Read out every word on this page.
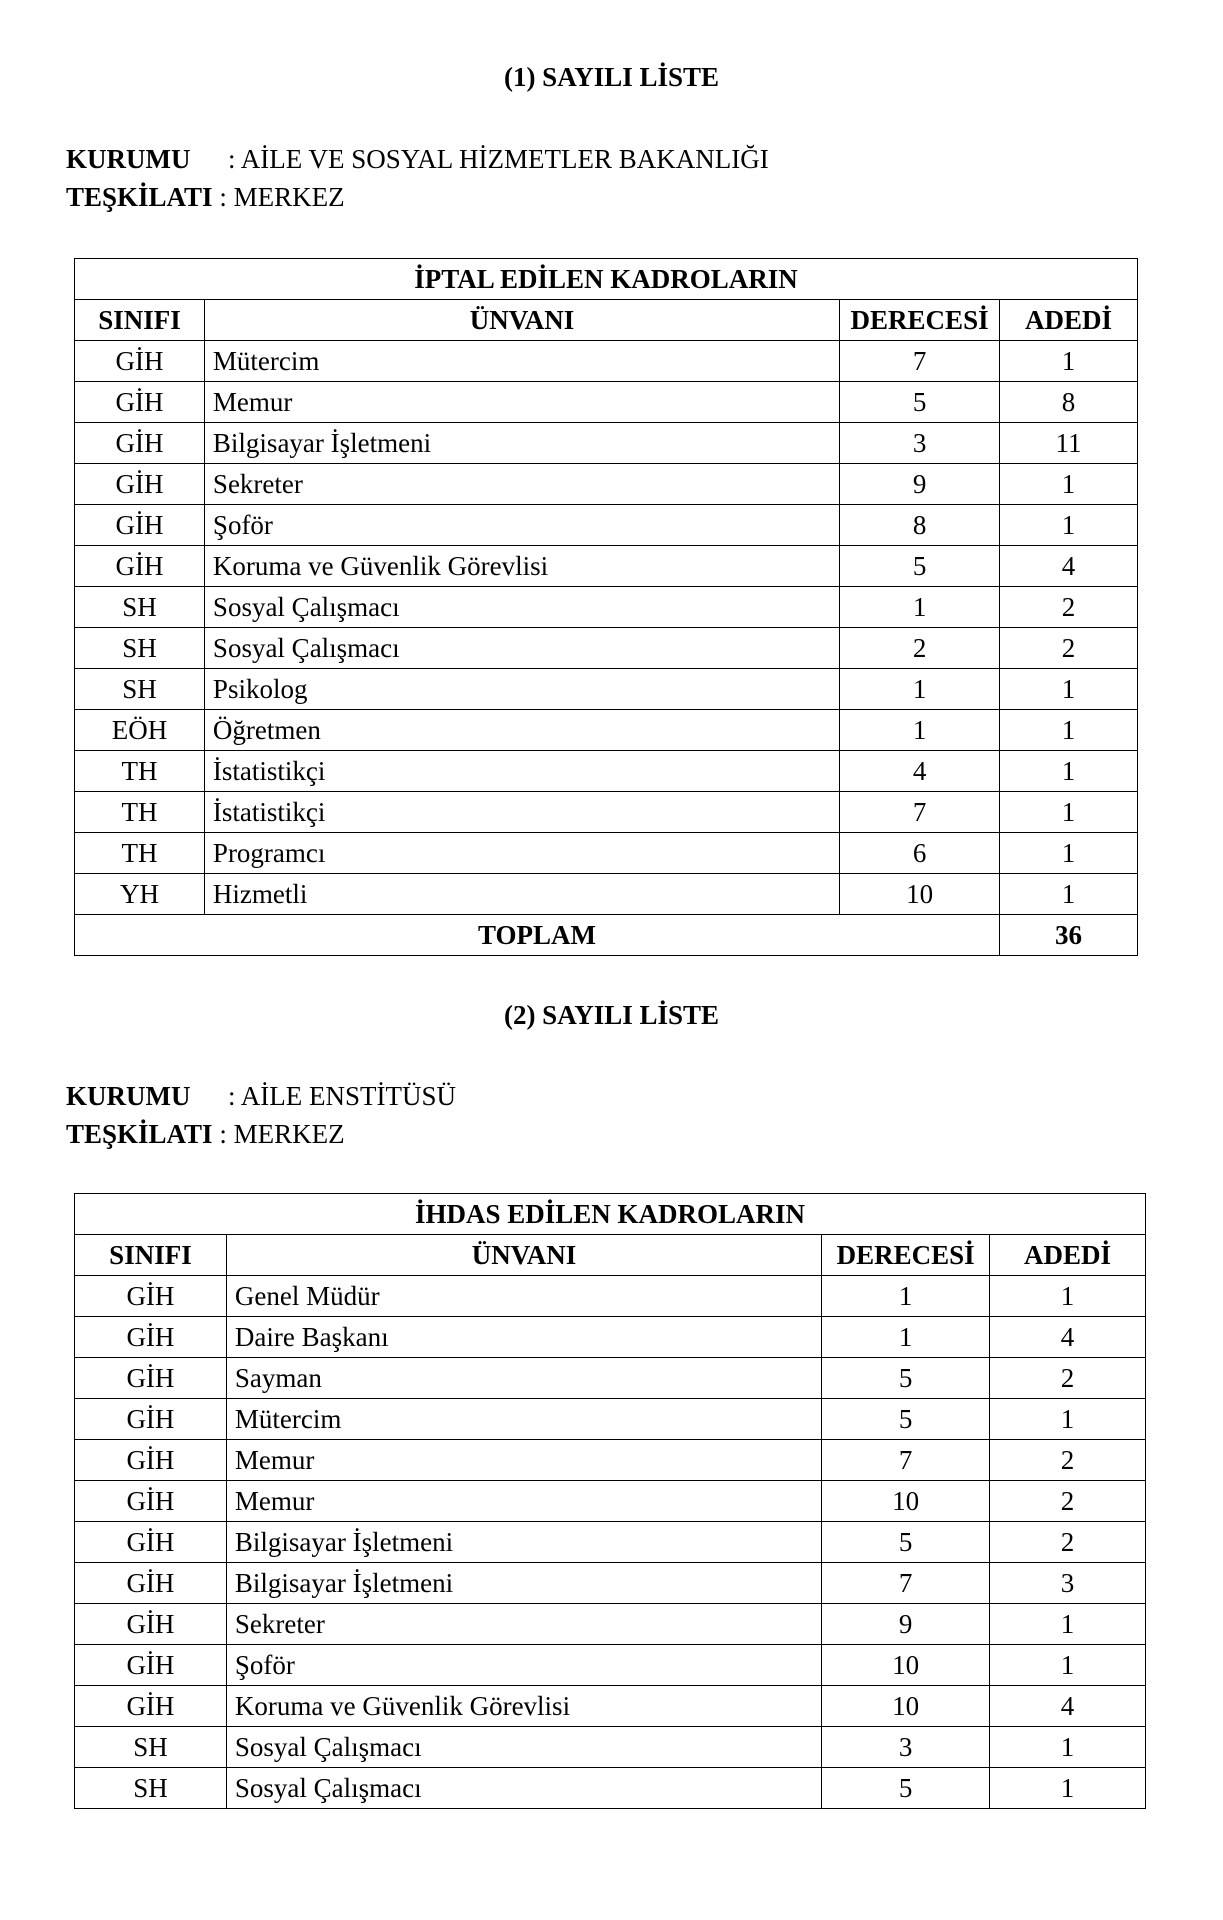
(1) SAYILI LİSTE
KURUMU : AİLE VE SOSYAL HİZMETLER BAKANLIĞI
TEŞKİLATI : MERKEZ
İPTAL EDİLEN KADROLARIN			
SINIFI	ÜNVANI	DERECESİ	ADEDİ
GİH	Mütercim	7	1
GİH	Memur	5	8
GİH	Bilgisayar İşletmeni	3	11
GİH	Sekreter	9	1
GİH	Şoför	8	1
GİH	Koruma ve Güvenlik Görevlisi	5	4
SH	Sosyal Çalışmacı	1	2
SH	Sosyal Çalışmacı	2	2
SH	Psikolog	1	1
EÖH	Öğretmen	1	1
TH	İstatistikçi	4	1
TH	İstatistikçi	7	1
TH	Programcı	6	1
YH	Hizmetli	10	1
TOPLAM			36
(2) SAYILI LİSTE
KURUMU : AİLE ENSTİTÜSÜ
TEŞKİLATI : MERKEZ
İHDAS EDİLEN KADROLARIN			
SINIFI	ÜNVANI	DERECESİ	ADEDİ
GİH	Genel Müdür	1	1
GİH	Daire Başkanı	1	4
GİH	Sayman	5	2
GİH	Mütercim	5	1
GİH	Memur	7	2
GİH	Memur	10	2
GİH	Bilgisayar İşletmeni	5	2
GİH	Bilgisayar İşletmeni	7	3
GİH	Sekreter	9	1
GİH	Şoför	10	1
GİH	Koruma ve Güvenlik Görevlisi	10	4
SH	Sosyal Çalışmacı	3	1
SH	Sosyal Çalışmacı	5	1
